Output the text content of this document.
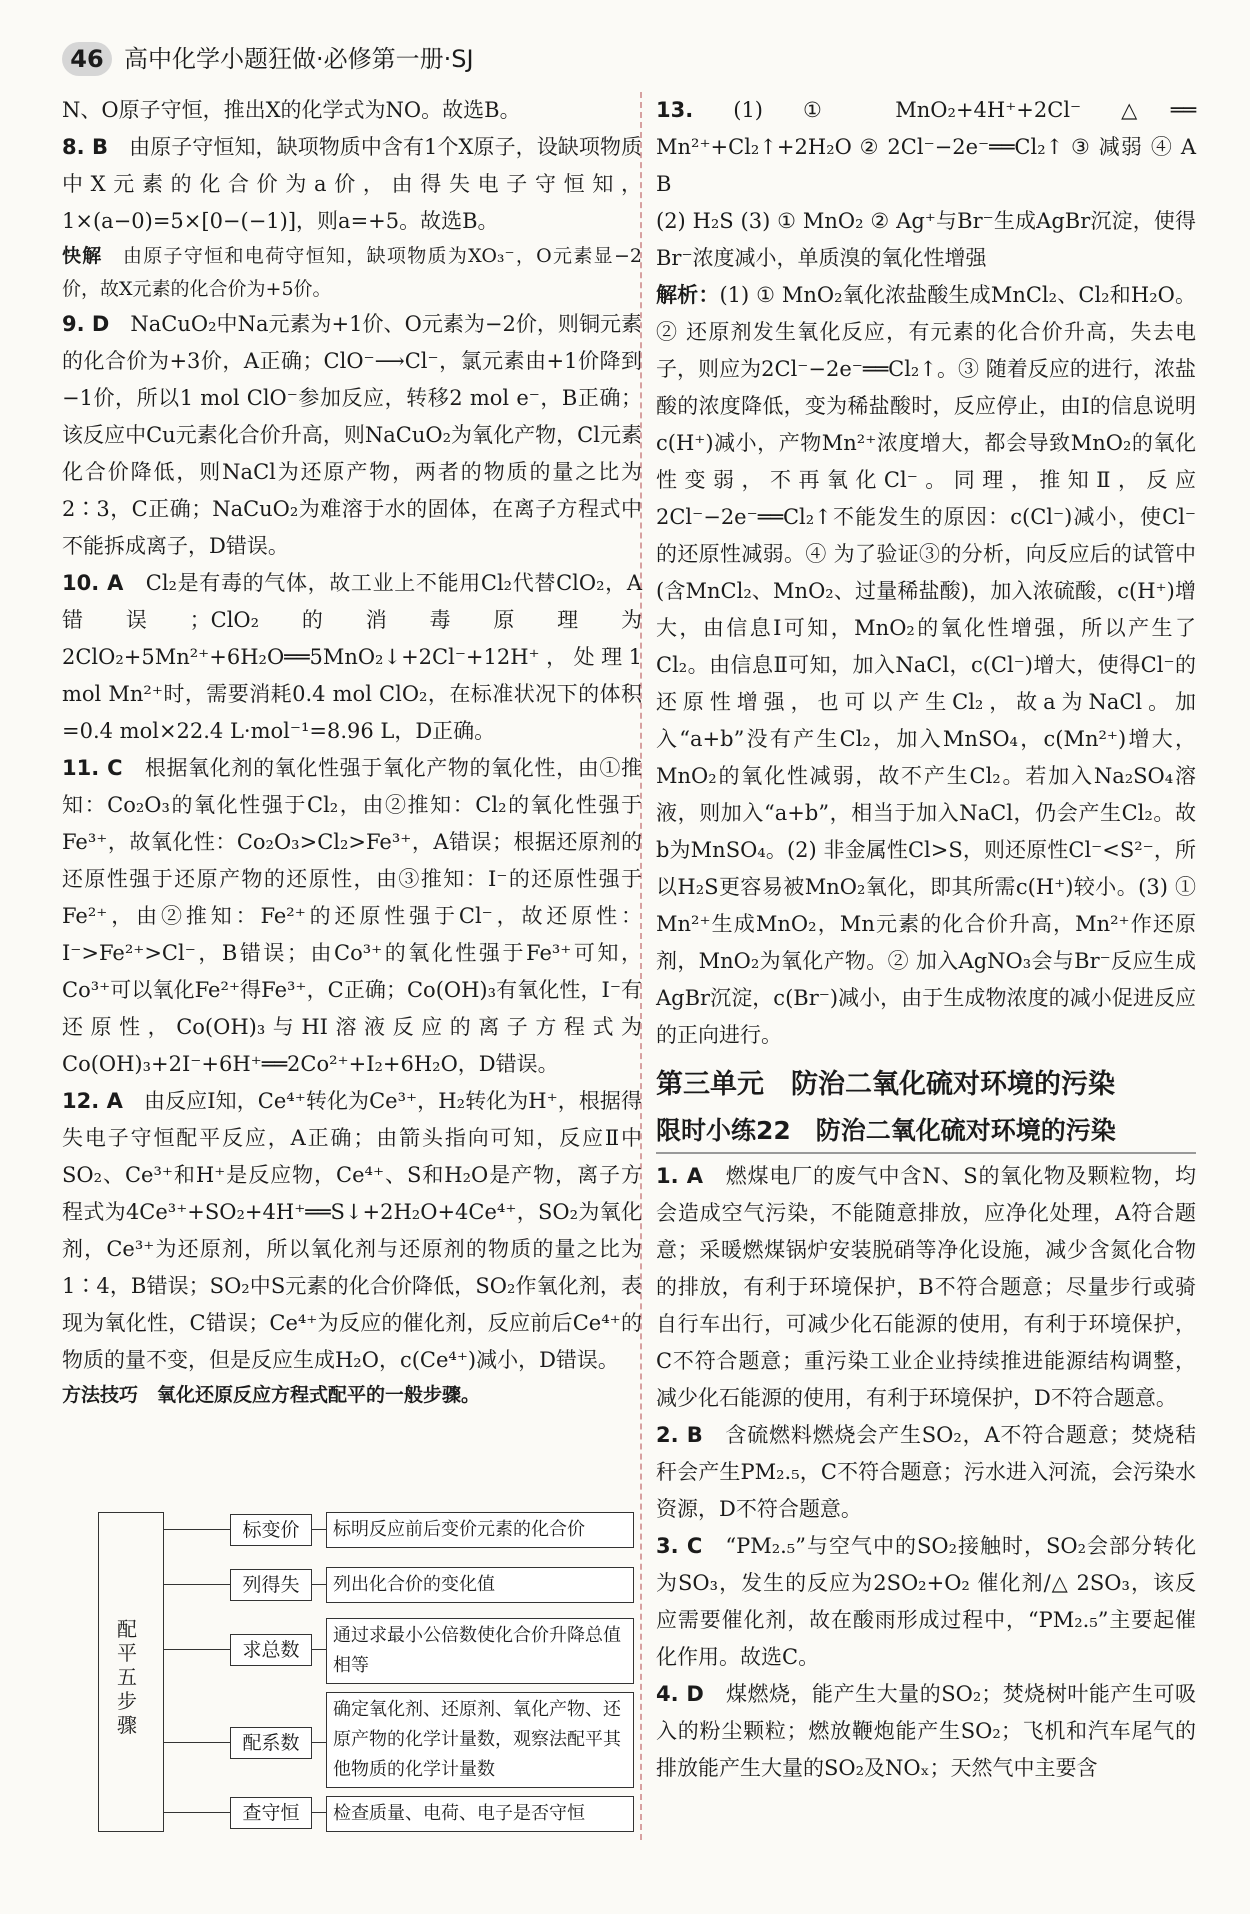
46 高中化学小题狂做·必修第一册·SJ

N、O原子守恒，推出X的化学式为NO。故选B。

8. B　 由原子守恒知，缺项物质中含有1个X原子，设缺项物质中X元素的化合价为a价，由得失电子守恒知，1×(a−0)=5×[0−(−1)]，则a=+5。故选B。

快解　 由原子守恒和电荷守恒知，缺项物质为XO₃⁻，O元素显−2价，故X元素的化合价为+5价。

9. D　 NaCuO₂中Na元素为+1价、O元素为−2价，则铜元素的化合价为+3价，A正确；ClO⁻⟶Cl⁻，氯元素由+1价降到−1价，所以1 mol ClO⁻参加反应，转移2 mol e⁻，B正确；该反应中Cu元素化合价升高，则NaCuO₂为氧化产物，Cl元素化合价降低，则NaCl为还原产物，两者的物质的量之比为2∶3，C正确；NaCuO₂为难溶于水的固体，在离子方程式中不能拆成离子，D错误。

10. A　 Cl₂是有毒的气体，故工业上不能用Cl₂代替ClO₂，A错误；ClO₂的消毒原理为2ClO₂+5Mn²⁺+6H₂O══5MnO₂↓+2Cl⁻+12H⁺，处理1 mol Mn²⁺时，需要消耗0.4 mol ClO₂，在标准状况下的体积=0.4 mol×22.4 L·mol⁻¹=8.96 L，D正确。

11. C　 根据氧化剂的氧化性强于氧化产物的氧化性，由①推知：Co₂O₃的氧化性强于Cl₂，由②推知：Cl₂的氧化性强于Fe³⁺，故氧化性：Co₂O₃>Cl₂>Fe³⁺，A错误；根据还原剂的还原性强于还原产物的还原性，由③推知：I⁻的还原性强于Fe²⁺，由②推知：Fe²⁺的还原性强于Cl⁻，故还原性：I⁻>Fe²⁺>Cl⁻，B错误；由Co³⁺的氧化性强于Fe³⁺可知，Co³⁺可以氧化Fe²⁺得Fe³⁺，C正确；Co(OH)₃有氧化性，I⁻有还原性，Co(OH)₃与HI溶液反应的离子方程式为Co(OH)₃+2I⁻+6H⁺══2Co²⁺+I₂+6H₂O，D错误。

12. A　 由反应Ⅰ知，Ce⁴⁺转化为Ce³⁺，H₂转化为H⁺，根据得失电子守恒配平反应，A正确；由箭头指向可知，反应Ⅱ中SO₂、Ce³⁺和H⁺是反应物，Ce⁴⁺、S和H₂O是产物，离子方程式为4Ce³⁺+SO₂+4H⁺══S↓+2H₂O+4Ce⁴⁺，SO₂为氧化剂，Ce³⁺为还原剂，所以氧化剂与还原剂的物质的量之比为1∶4，B错误；SO₂中S元素的化合价降低，SO₂作氧化剂，表现为氧化性，C错误；Ce⁴⁺为反应的催化剂，反应前后Ce⁴⁺的物质的量不变，但是反应生成H₂O，c(Ce⁴⁺)减小，D错误。

方法技巧　 氧化还原反应方程式配平的一般步骤。

配平五步骤
标变价	标明反应前后变价元素的化合价
列得失	列出化合价的变化值
求总数
通过求最小公倍数使化合价升降总值相等
配系数
确定氧化剂、还原剂、氧化产物、还原产物的化学计量数，观察法配平其他物质的化学计量数
查守恒	检查质量、电荷、电子是否守恒

13. (1) ① MnO₂+4H⁺+2Cl⁻ △══ Mn²⁺+Cl₂↑+2H₂O ② 2Cl⁻−2e⁻══Cl₂↑ ③ 减弱 ④ A B

(2) H₂S (3) ① MnO₂ ② Ag⁺与Br⁻生成AgBr沉淀，使得Br⁻浓度减小，单质溴的氧化性增强

解析：(1) ① MnO₂氧化浓盐酸生成MnCl₂、Cl₂和H₂O。② 还原剂发生氧化反应，有元素的化合价升高，失去电子，则应为2Cl⁻−2e⁻══Cl₂↑。③ 随着反应的进行，浓盐酸的浓度降低，变为稀盐酸时，反应停止，由Ⅰ的信息说明c(H⁺)减小，产物Mn²⁺浓度增大，都会导致MnO₂的氧化性变弱，不再氧化Cl⁻。同理，推知Ⅱ，反应2Cl⁻−2e⁻══Cl₂↑不能发生的原因：c(Cl⁻)减小，使Cl⁻的还原性减弱。④ 为了验证③的分析，向反应后的试管中(含MnCl₂、MnO₂、过量稀盐酸)，加入浓硫酸，c(H⁺)增大，由信息Ⅰ可知，MnO₂的氧化性增强，所以产生了Cl₂。由信息Ⅱ可知，加入NaCl，c(Cl⁻)增大，使得Cl⁻的还原性增强，也可以产生Cl₂，故a为NaCl。加入“a+b”没有产生Cl₂，加入MnSO₄，c(Mn²⁺)增大，MnO₂的氧化性减弱，故不产生Cl₂。若加入Na₂SO₄溶液，则加入“a+b”，相当于加入NaCl，仍会产生Cl₂。故b为MnSO₄。(2) 非金属性Cl>S，则还原性Cl⁻<S²⁻，所以H₂S更容易被MnO₂氧化，即其所需c(H⁺)较小。(3) ① Mn²⁺生成MnO₂，Mn元素的化合价升高，Mn²⁺作还原剂，MnO₂为氧化产物。② 加入AgNO₃会与Br⁻反应生成AgBr沉淀，c(Br⁻)减小，由于生成物浓度的减小促进反应的正向进行。

第三单元　防治二氧化硫对环境的污染
限时小练22　防治二氧化硫对环境的污染

1. A　 燃煤电厂的废气中含N、S的氧化物及颗粒物，均会造成空气污染，不能随意排放，应净化处理，A符合题意；采暖燃煤锅炉安装脱硝等净化设施，减少含氮化合物的排放，有利于环境保护，B不符合题意；尽量步行或骑自行车出行，可减少化石能源的使用，有利于环境保护，C不符合题意；重污染工业企业持续推进能源结构调整，减少化石能源的使用，有利于环境保护，D不符合题意。

2. B　 含硫燃料燃烧会产生SO₂，A不符合题意；焚烧秸秆会产生PM₂.₅，C不符合题意；污水进入河流，会污染水资源，D不符合题意。

3. C　 “PM₂.₅”与空气中的SO₂接触时，SO₂会部分转化为SO₃，发生的反应为2SO₂+O₂ 催化剂/△ 2SO₃，该反应需要催化剂，故在酸雨形成过程中，“PM₂.₅”主要起催化作用。故选C。

4. D　 煤燃烧，能产生大量的SO₂；焚烧树叶能产生可吸入的粉尘颗粒；燃放鞭炮能产生SO₂；飞机和汽车尾气的排放能产生大量的SO₂及NOₓ；天然气中主要含
